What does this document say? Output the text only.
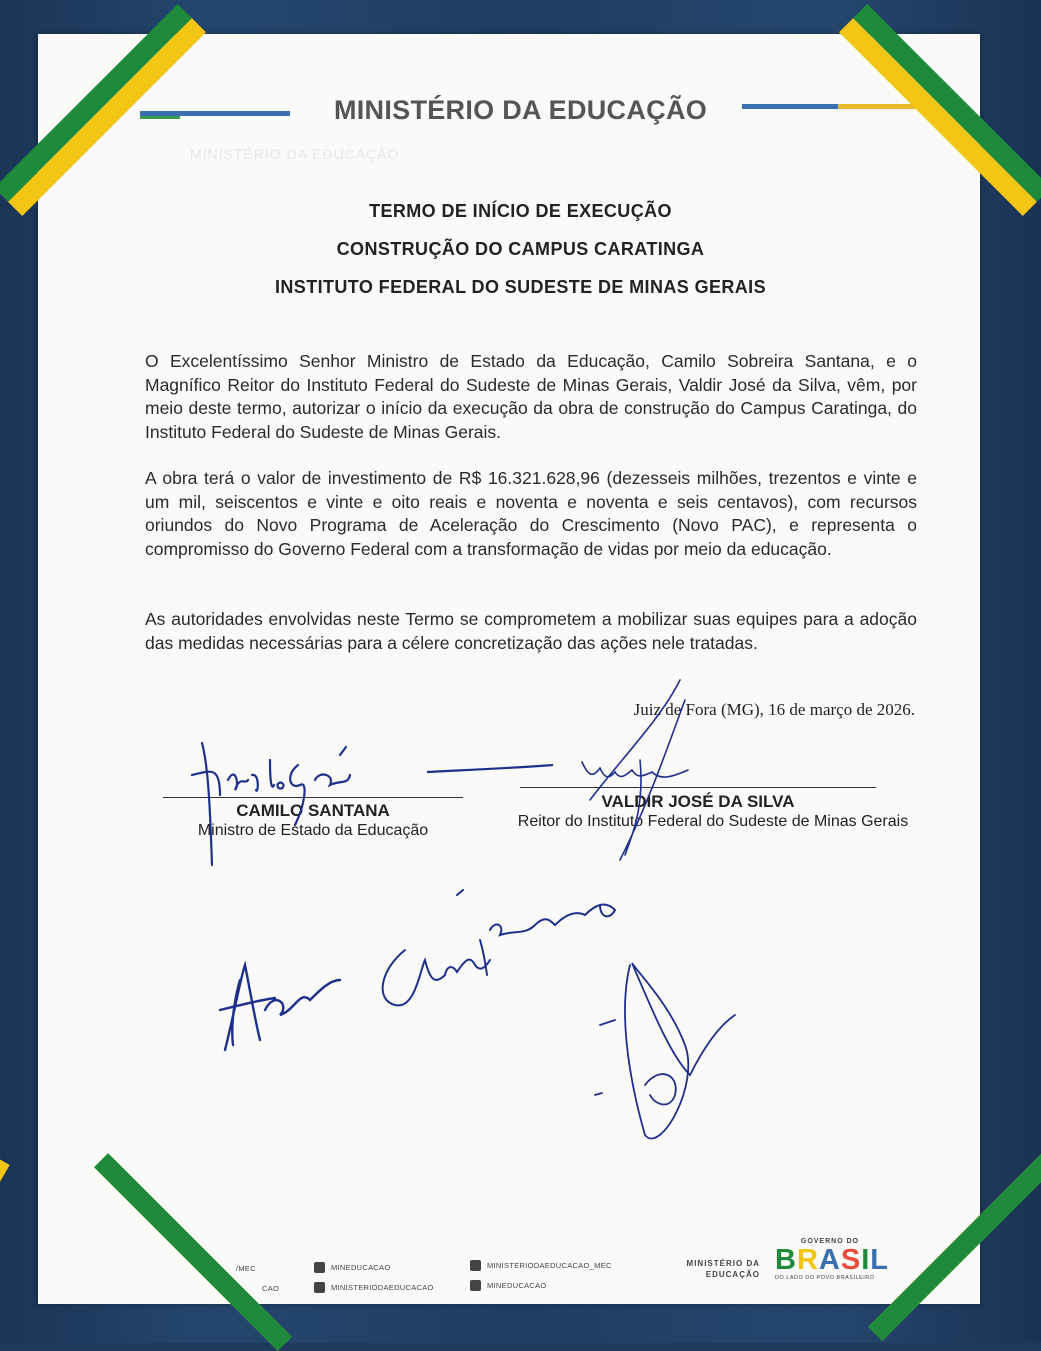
MINISTÉRIO DA EDUCAÇÃO
MINISTÉRIO DA EDUCAÇÃO
TERMO DE INÍCIO DE EXECUÇÃO
CONSTRUÇÃO DO CAMPUS CARATINGA
INSTITUTO FEDERAL DO SUDESTE DE MINAS GERAIS
O Excelentíssimo Senhor Ministro de Estado da Educação, Camilo Sobreira Santana, e o Magnífico Reitor do Instituto Federal do Sudeste de Minas Gerais, Valdir José da Silva, vêm, por meio deste termo, autorizar o início da execução da obra de construção do Campus Caratinga, do Instituto Federal do Sudeste de Minas Gerais.
A obra terá o valor de investimento de R$ 16.321.628,96 (dezesseis milhões, trezentos e vinte e um mil, seiscentos e vinte e oito reais e noventa e noventa e seis centavos), com recursos oriundos do Novo Programa de Aceleração do Crescimento (Novo PAC), e representa o compromisso do Governo Federal com a transformação de vidas por meio da educação.
As autoridades envolvidas neste Termo se comprometem a mobilizar suas equipes para a adoção das medidas necessárias para a célere concretização das ações nele tratadas.
Juiz de Fora (MG), 16 de março de 2026.
CAMILO SANTANA
Ministro de Estado da Educação
VALDIR JOSÉ DA SILVA
Reitor do Instituto Federal do Sudeste de Minas Gerais
/MEC
CAO
MINEDUCACAO
MINISTERIODAEDUCACAO
MINISTERIODAEDUCACAO_MEC
MINEDUCACAO
MINISTÉRIO DA
EDUCAÇÃO
GOVERNO DO
BRASIL
DO LADO DO POVO BRASILEIRO
